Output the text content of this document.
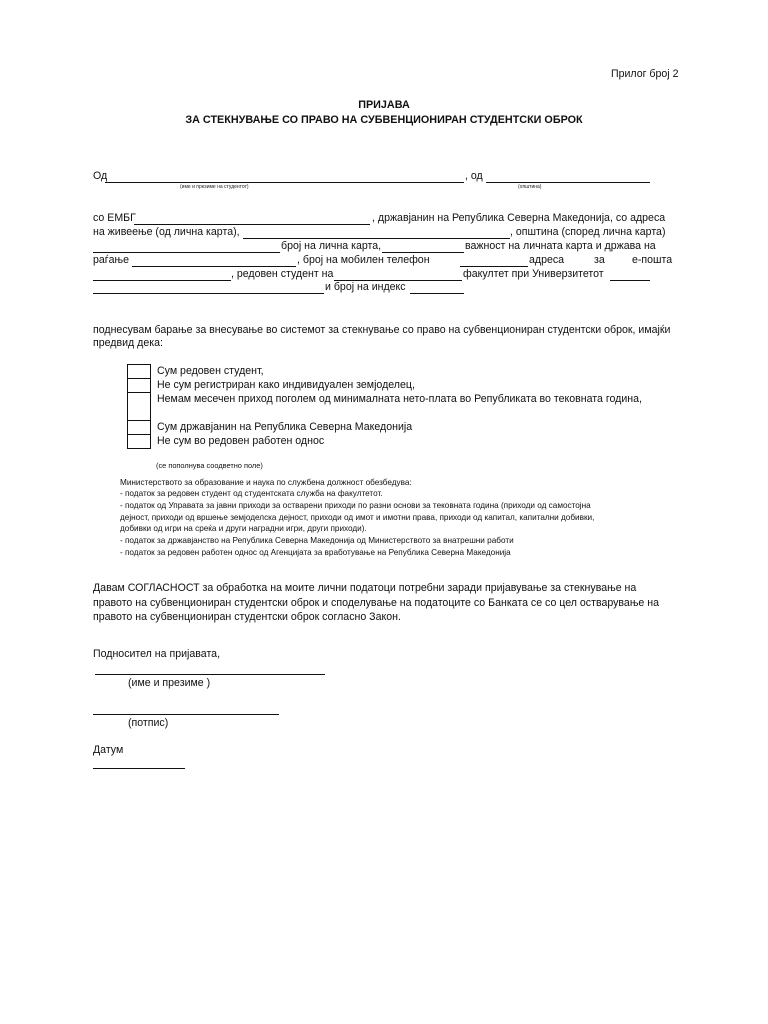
Прилог број 2
ПРИЈАВА
ЗА СТЕКНУВАЊЕ СО ПРАВО НА СУБВЕНЦИОНИРАН СТУДЕНТСКИ ОБРОК
Од	, од
(име и презиме на студентот)	(општина)
со ЕМБГ	, државјанин на Република Северна Македонија, со адреса
на живеење (од лична карта),	, општина (според лична карта)
број на лична карта,	важност на личната карта и држава на
раѓање	, број на мобилен телефон	адреса	за	е-пошта
, редовен студент на	факултет при Универзитетот
и број на индекс
поднесувам барање за внесување во системот за стекнување со право на субвенциониран студентски оброк, имајќи
предвид дека:
Сум редовен студент,
Не сум регистриран како индивидуален земјоделец,
Немам месечен приход поголем од минималната нето-плата во Републиката во тековната година,
Сум државјанин на Република Северна Македонија
Не сум во редовен работен однос
(се пополнува соодветно поле)
Министерството за образование и наука по службена должност обезбедува:
- податок за редовен студент од студентската служба на факултетот.
- податок од Управата за јавни приходи за остварени приходи по разни основи за тековната година (приходи од самостојна
дејност, приходи од вршење земјоделска дејност, приходи од имот и имотни права, приходи од капитал, капитални добивки,
добивки од игри на среќа и други наградни игри, други приходи).
- податок за државјанство на Република Северна Македонија од Министерството за внатрешни работи
- податок за редовен работен однос од Агенцијата за вработување на Република Северна Македонија
Давам СОГЛАСНОСТ за обработка на моите лични податоци потребни заради пријавување за стекнување на
правото на субвенциониран студентски оброк и споделување на податоците со Банката се со цел остварување на
правото на субвенциониран студентски оброк согласно Закон.
Подносител на пријавата,
(име и презиме )
(потпис)
Датум
